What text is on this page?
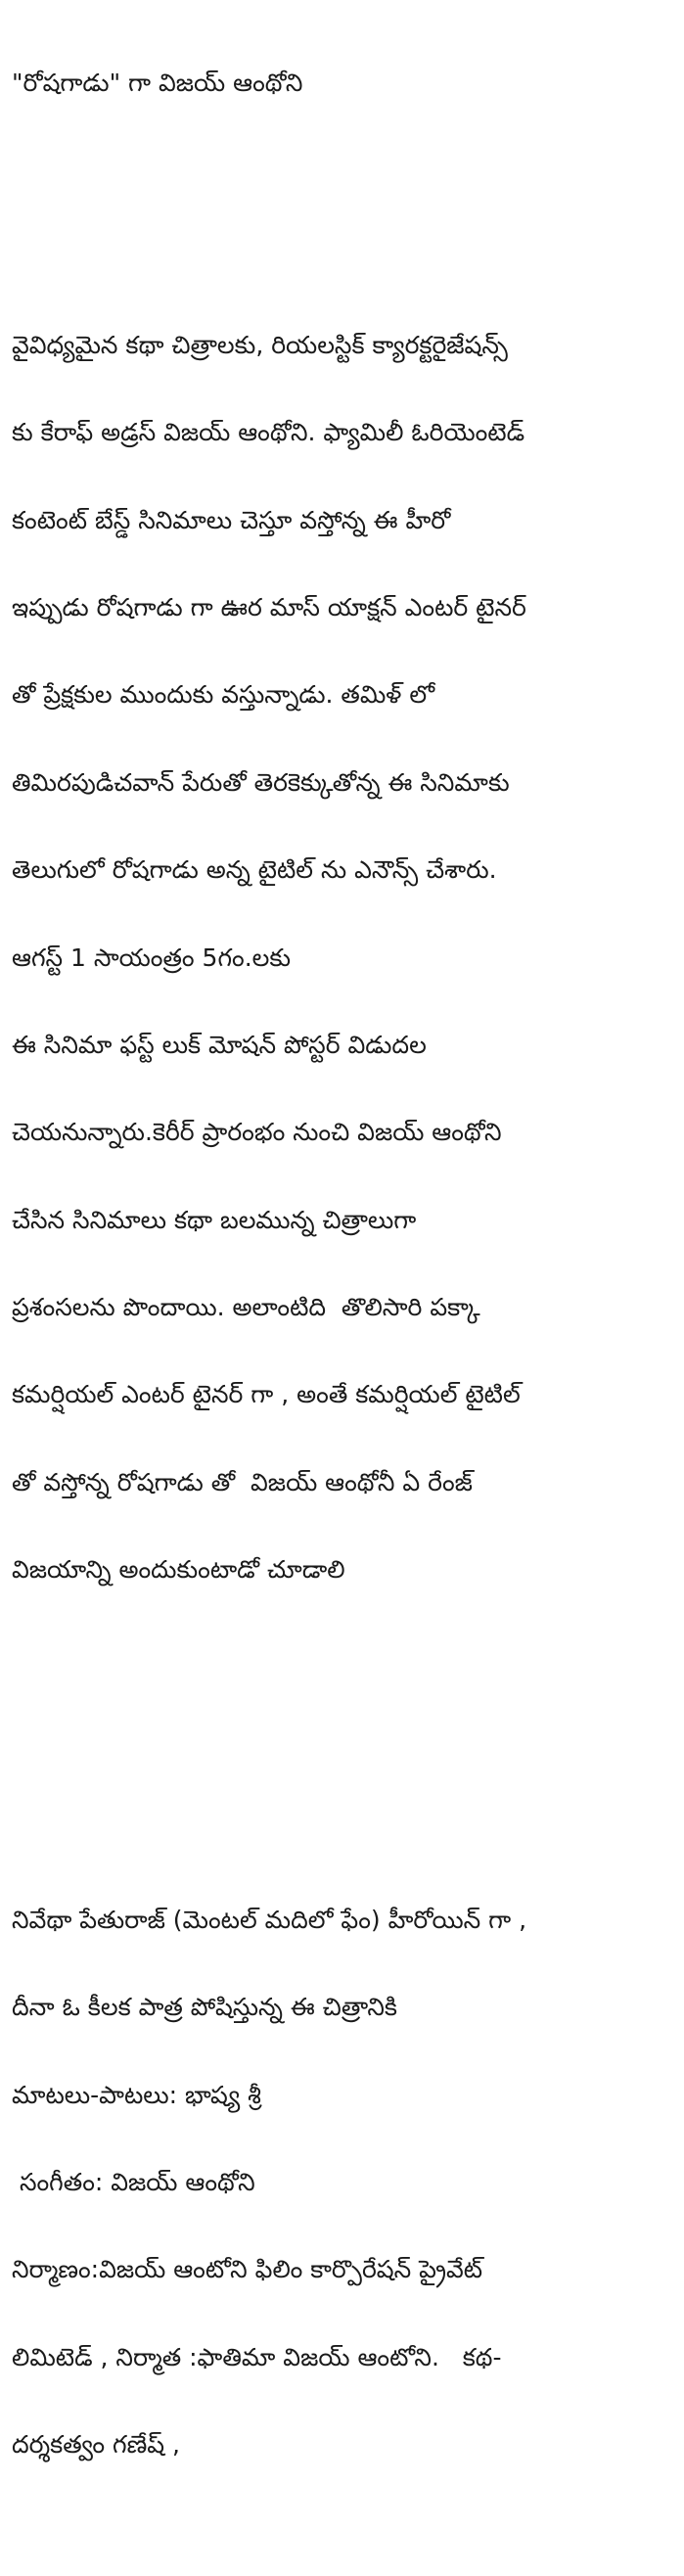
"రోషగాడు" గా విజయ్ ఆంథోని

వైవిధ్యమైన కథా చిత్రాలకు, రియలస్టిక్ క్యారక్టరైజేషన్స్

కు కేరాఫ్ అడ్రస్ విజయ్ ఆంథోని. ఫ్యామిలీ ఓరియెంటెడ్

కంటెంట్ బేస్డ్ సినిమాలు చెస్తూ వస్తోన్న ఈ హీరో

ఇప్పుడు రోషగాడు గా ఊర మాస్ యాక్షన్ ఎంటర్ టైనర్

తో ప్రేక్షకుల ముందుకు వస్తున్నాడు. తమిళ్ లో

తిమిరపుడిచవాన్ పేరుతో తెరకెక్కుతోన్న ఈ సినిమాకు

తెలుగులో రోషగాడు అన్న టైటిల్ ను ఎనౌన్స్ చేశారు.

ఆగస్ట్ 1 సాయంత్రం 5గం.లకు

ఈ సినిమా ఫస్ట్ లుక్ మోషన్ పోస్టర్ విడుదల

చెయనున్నారు.కెరీర్ ప్రారంభం నుంచి విజయ్ ఆంథోని

చేసిన సినిమాలు కథా బలమున్న చిత్రాలుగా

ప్రశంసలను పొందాయి. అలాంటిది  తొలిసారి పక్కా

కమర్షియల్ ఎంటర్ టైనర్ గా , అంతే కమర్షియల్ టైటిల్

తో వస్తోన్న రోషగాడు తో  విజయ్ ఆంథోనీ ఏ రేంజ్

విజయాన్ని అందుకుంటాడో చూడాలి

నివేథా పేతురాజ్ (మెంటల్ మదిలో ఫేం) హీరోయిన్ గా ,

దీనా ఓ కీలక పాత్ర పోషిస్తున్న ఈ చిత్రానికి

మాటలు-పాటలు: భాష్య శ్రీ

సంగీతం: విజయ్ ఆంథోని

నిర్మాణం:విజయ్ ఆంటోని ఫిలిం కార్పొరేషన్ ప్రైవేట్

లిమిటెడ్ , నిర్మాత :ఫాతిమా విజయ్ ఆంటోని.   కథ-

దర్శకత్వం గణేష్ ,
